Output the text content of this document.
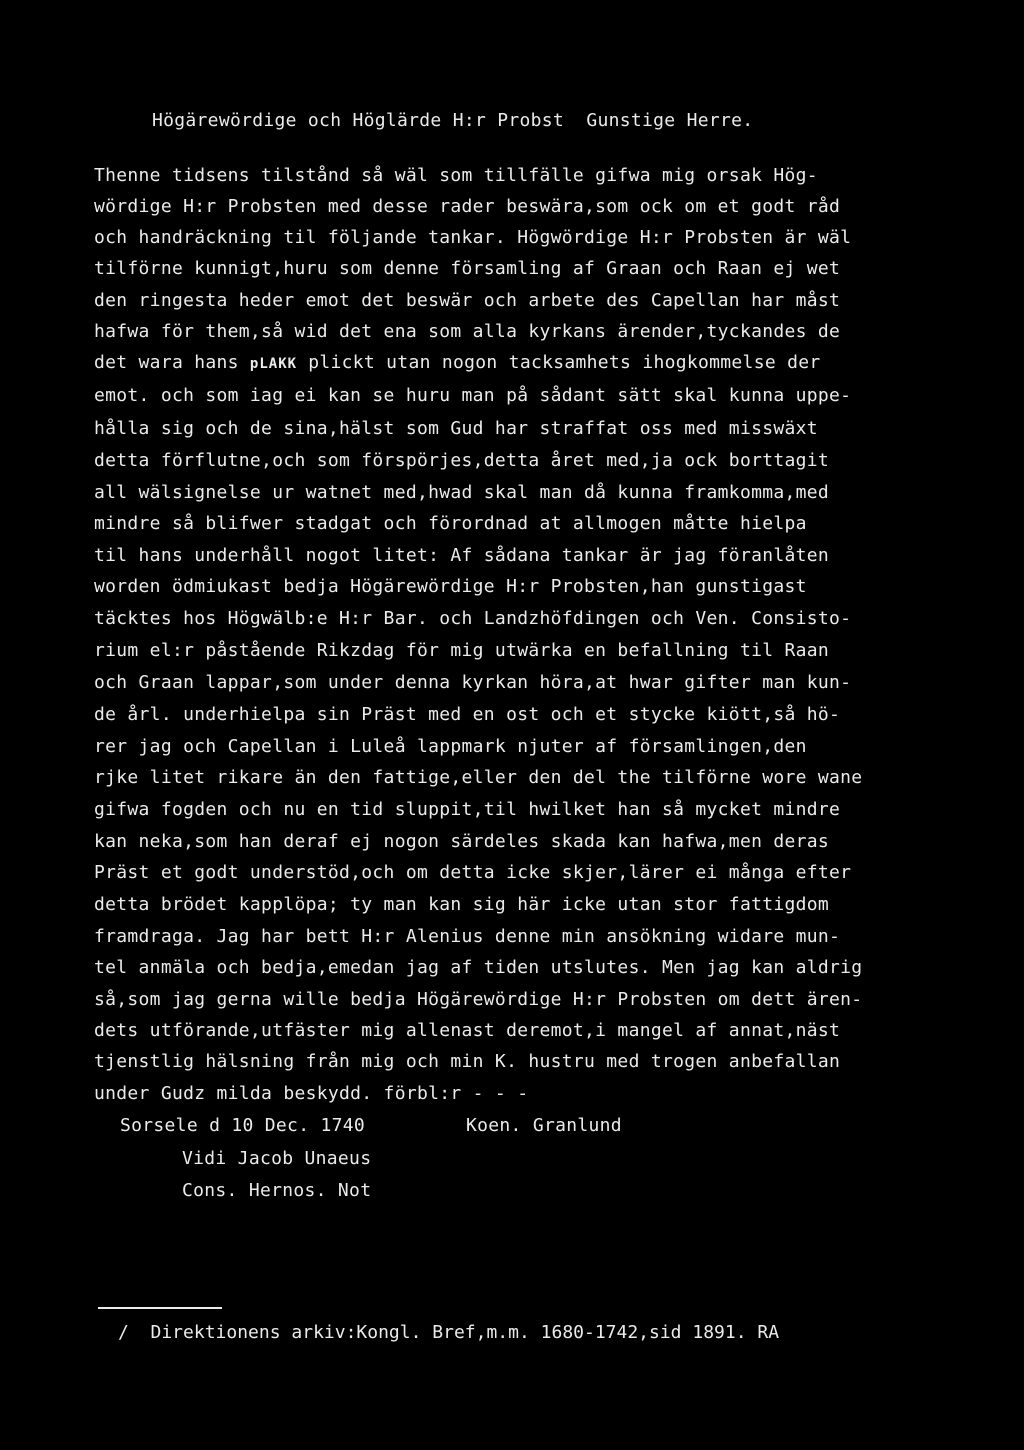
Högärewördige och Höglärde H:r Probst  Gunstige Herre.
Thenne tidsens tilstånd så wäl som tillfälle gifwa mig orsak Hög-
wördige H:r Probsten med desse rader beswära,som ock om et godt råd
och handräckning til följande tankar. Högwördige H:r Probsten är wäl
tilförne kunnigt,huru som denne församling af Graan och Raan ej wet
den ringesta heder emot det beswär och arbete des Capellan har måst
hafwa för them,så wid det ena som alla kyrkans ärender,tyckandes de
det wara hans pLAKK plickt utan nogon tacksamhets ihogkommelse der
emot. och som iag ei kan se huru man på sådant sätt skal kunna uppe-
hålla sig och de sina,hälst som Gud har straffat oss med misswäxt
detta förflutne,och som förspörjes,detta året med,ja ock borttagit
all wälsignelse ur watnet med,hwad skal man då kunna framkomma,med
mindre så blifwer stadgat och förordnad at allmogen måtte hielpa
til hans underhåll nogot litet: Af sådana tankar är jag föranlåten
worden ödmiukast bedja Högärewördige H:r Probsten,han gunstigast
täcktes hos Högwälb:e H:r Bar. och Landzhöfdingen och Ven. Consisto-
rium el:r påstående Rikzdag för mig utwärka en befallning til Raan
och Graan lappar,som under denna kyrkan höra,at hwar gifter man kun-
de årl. underhielpa sin Präst med en ost och et stycke kiött,så hö-
rer jag och Capellan i Luleå lappmark njuter af församlingen,den
rjke litet rikare än den fattige,eller den del the tilförne wore wane
gifwa fogden och nu en tid sluppit,til hwilket han så mycket mindre
kan neka,som han deraf ej nogon särdeles skada kan hafwa,men deras
Präst et godt understöd,och om detta icke skjer,lärer ei många efter
detta brödet kapplöpa; ty man kan sig här icke utan stor fattigdom
framdraga. Jag har bett H:r Alenius denne min ansökning widare mun-
tel anmäla och bedja,emedan jag af tiden utslutes. Men jag kan aldrig
så,som jag gerna wille bedja Högärewördige H:r Probsten om dett ären-
dets utförande,utfäster mig allenast deremot,i mangel af annat,näst
tjenstlig hälsning från mig och min K. hustru med trogen anbefallan
under Gudz milda beskydd. förbl:r - - -
Sorsele d 10 Dec. 1740	Koen. Granlund
Vidi Jacob Unaeus
Cons. Hernos. Not
/  Direktionens arkiv:Kongl. Bref,m.m. 1680-1742,sid 1891. RA
